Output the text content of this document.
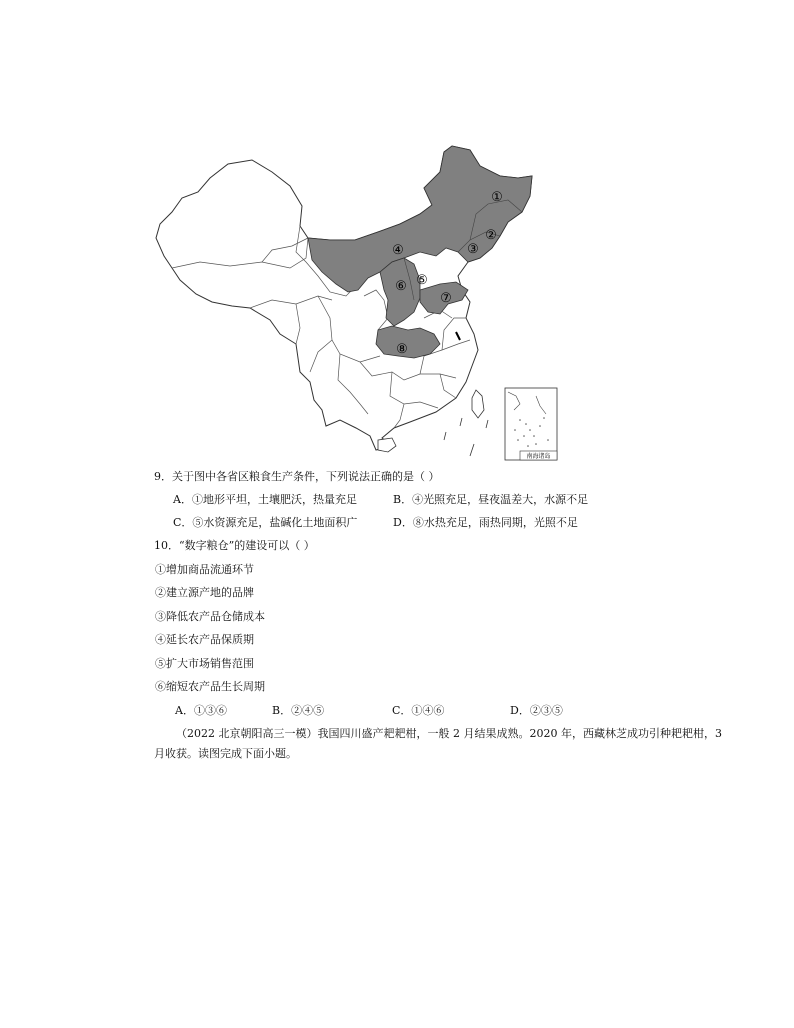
南海诸岛
①
②
③
④
⑤
⑥
⑦
⑧
9．关于图中各省区粮食生产条件，下列说法正确的是（ ）
A．①地形平坦，土壤肥沃，热量充足	B．④光照充足，昼夜温差大，水源不足
C．⑤水资源充足，盐碱化土地面积广	D．⑧水热充足，雨热同期，光照不足
10．“数字粮仓”的建设可以（ ）
①增加商品流通环节
②建立源产地的品牌
③降低农产品仓储成本
④延长农产品保质期
⑤扩大市场销售范围
⑥缩短农产品生长周期
A．①③⑥	B．②④⑤	C．①④⑥	D．②③⑤
（2022 北京朝阳高三一模）我国四川盛产耙耙柑，一般 2 月结果成熟。2020 年，西藏林芝成功引种耙耙柑，3 月收获。读图完成下面小题。
